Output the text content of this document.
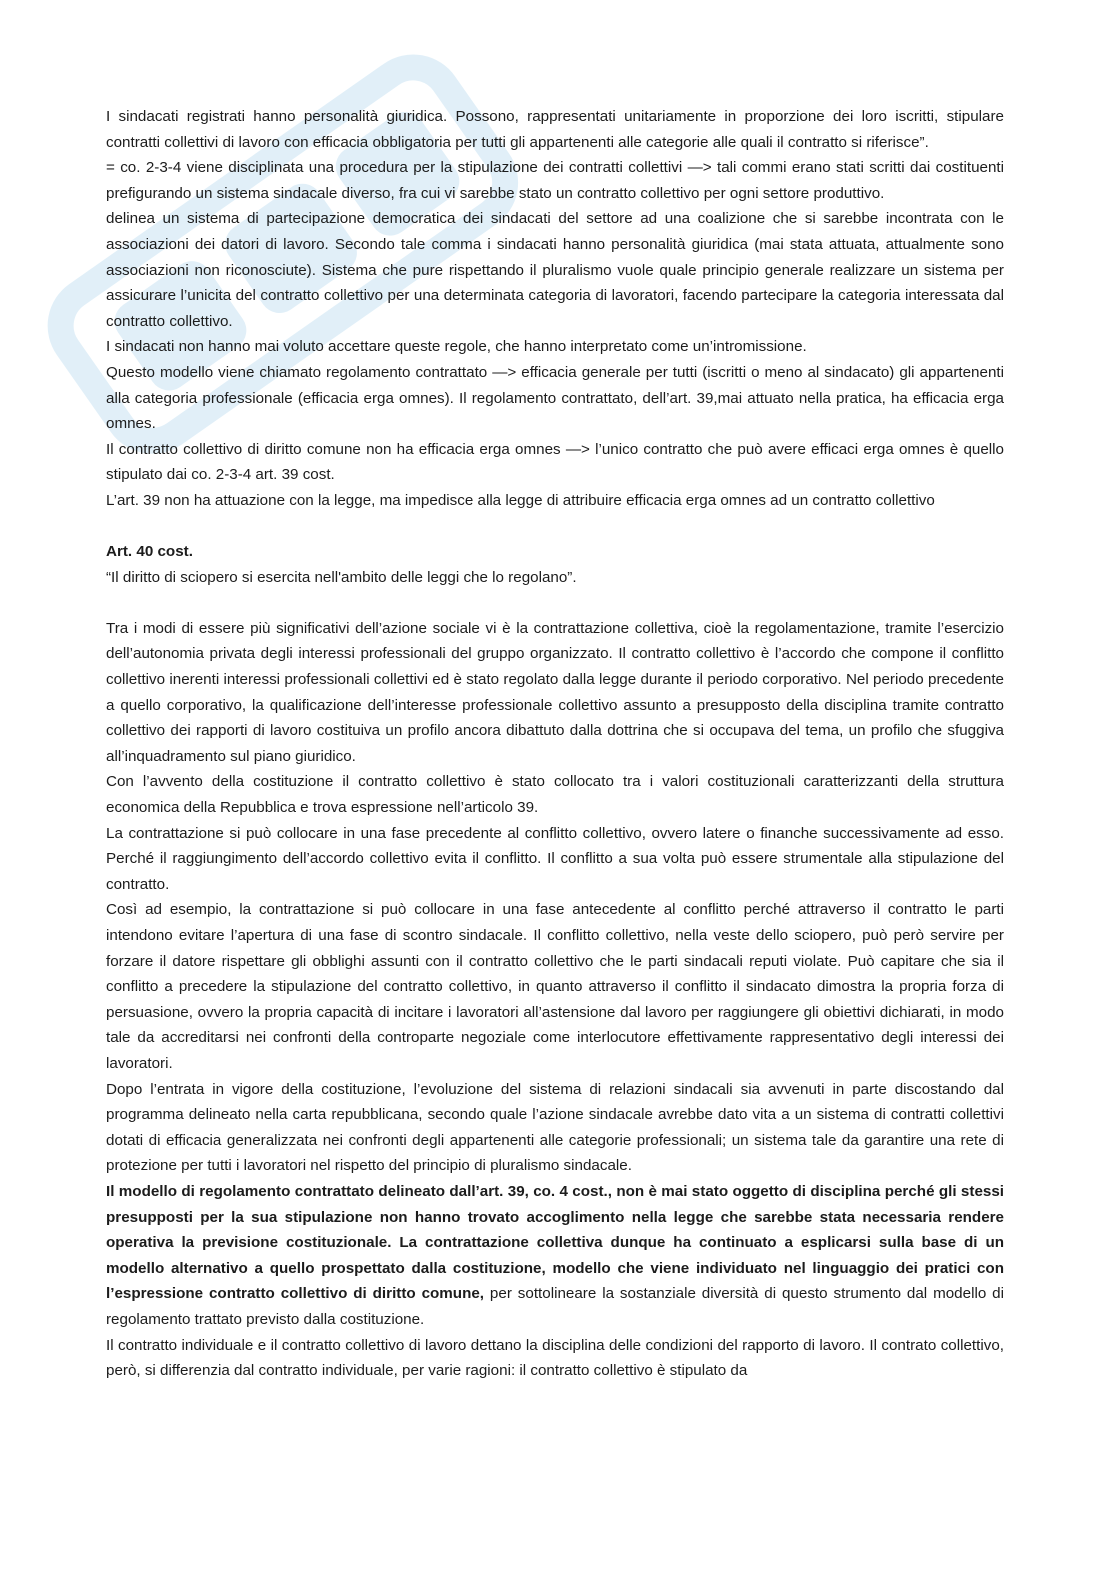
I sindacati registrati hanno personalità giuridica. Possono, rappresentati unitariamente in proporzione dei loro iscritti, stipulare contratti collettivi di lavoro con efficacia obbligatoria per tutti gli appartenenti alle categorie alle quali il contratto si riferisce”.

= co. 2-3-4 viene disciplinata una procedura per la stipulazione dei contratti collettivi —> tali commi erano stati scritti dai costituenti prefigurando un sistema sindacale diverso, fra cui vi sarebbe stato un contratto collettivo per ogni settore produttivo.

delinea un sistema di partecipazione democratica dei sindacati del settore ad una coalizione che si sarebbe incontrata con le associazioni dei datori di lavoro. Secondo tale comma i sindacati hanno personalità giuridica (mai stata attuata, attualmente sono associazioni non riconosciute). Sistema che pure rispettando il pluralismo vuole quale principio generale realizzare un sistema per assicurare l’unicita del contratto collettivo per una determinata categoria di lavoratori, facendo partecipare la categoria interessata dal contratto collettivo.

I sindacati non hanno mai voluto accettare queste regole, che hanno interpretato come un’intromissione.

Questo modello viene chiamato regolamento contrattato —> efficacia generale per tutti (iscritti o meno al sindacato) gli appartenenti alla categoria professionale (efficacia erga omnes). Il regolamento contrattato, dell’art. 39,mai attuato nella pratica, ha efficacia erga omnes.

Il contratto collettivo di diritto comune non ha efficacia erga omnes —> l’unico contratto che può avere efficaci erga omnes è quello stipulato dai co. 2-3-4 art. 39 cost.

L’art. 39 non ha attuazione con la legge, ma impedisce alla legge di attribuire efficacia erga omnes ad un contratto collettivo

Art. 40 cost.

“Il diritto di sciopero si esercita nell'ambito delle leggi che lo regolano”.

Tra i modi di essere più significativi dell’azione sociale vi è la contrattazione collettiva, cioè la regolamentazione, tramite l’esercizio dell’autonomia privata degli interessi professionali del gruppo organizzato. Il contratto collettivo è l’accordo che compone il conflitto collettivo inerenti interessi professionali collettivi ed è stato regolato dalla legge durante il periodo corporativo. Nel periodo precedente a quello corporativo, la qualificazione dell’interesse professionale collettivo assunto a presupposto della disciplina tramite contratto collettivo dei rapporti di lavoro costituiva un profilo ancora dibattuto dalla dottrina che si occupava del tema, un profilo che sfuggiva all’inquadramento sul piano giuridico.

Con l’avvento della costituzione il contratto collettivo è stato collocato tra i valori costituzionali caratterizzanti della struttura economica della Repubblica e trova espressione nell’articolo 39.

La contrattazione si può collocare in una fase precedente al conflitto collettivo, ovvero latere o finanche successivamente ad esso. Perché il raggiungimento dell’accordo collettivo evita il conflitto. Il conflitto a sua volta può essere strumentale alla stipulazione del contratto.

Così ad esempio, la contrattazione si può collocare in una fase antecedente al conflitto perché attraverso il contratto le parti intendono evitare l’apertura di una fase di scontro sindacale. Il conflitto collettivo, nella veste dello sciopero, può però servire per forzare il datore rispettare gli obblighi assunti con il contratto collettivo che le parti sindacali reputi violate. Può capitare che sia il conflitto a precedere la stipulazione del contratto collettivo, in quanto attraverso il conflitto il sindacato dimostra la propria forza di persuasione, ovvero la propria capacità di incitare i lavoratori all’astensione dal lavoro per raggiungere gli obiettivi dichiarati, in modo tale da accreditarsi nei confronti della controparte negoziale come interlocutore effettivamente rappresentativo degli interessi dei lavoratori.

Dopo l’entrata in vigore della costituzione, l’evoluzione del sistema di relazioni sindacali sia avvenuti in parte discostando dal programma delineato nella carta repubblicana, secondo quale l’azione sindacale avrebbe dato vita a un sistema di contratti collettivi dotati di efficacia generalizzata nei confronti degli appartenenti alle categorie professionali; un sistema tale da garantire una rete di protezione per tutti i lavoratori nel rispetto del principio di pluralismo sindacale.

Il modello di regolamento contrattato delineato dall’art. 39, co. 4 cost., non è mai stato oggetto di disciplina perché gli stessi presupposti per la sua stipulazione non hanno trovato accoglimento nella legge che sarebbe stata necessaria rendere operativa la previsione costituzionale. La contrattazione collettiva dunque ha continuato a esplicarsi sulla base di un modello alternativo a quello prospettato dalla costituzione, modello che viene individuato nel linguaggio dei pratici con l’espressione contratto collettivo di diritto comune, per sottolineare la sostanziale diversità di questo strumento dal modello di regolamento trattato previsto dalla costituzione.

Il contratto individuale e il contratto collettivo di lavoro dettano la disciplina delle condizioni del rapporto di lavoro. Il contrato collettivo, però, si differenzia dal contratto individuale, per varie ragioni: il contratto collettivo è stipulato da
